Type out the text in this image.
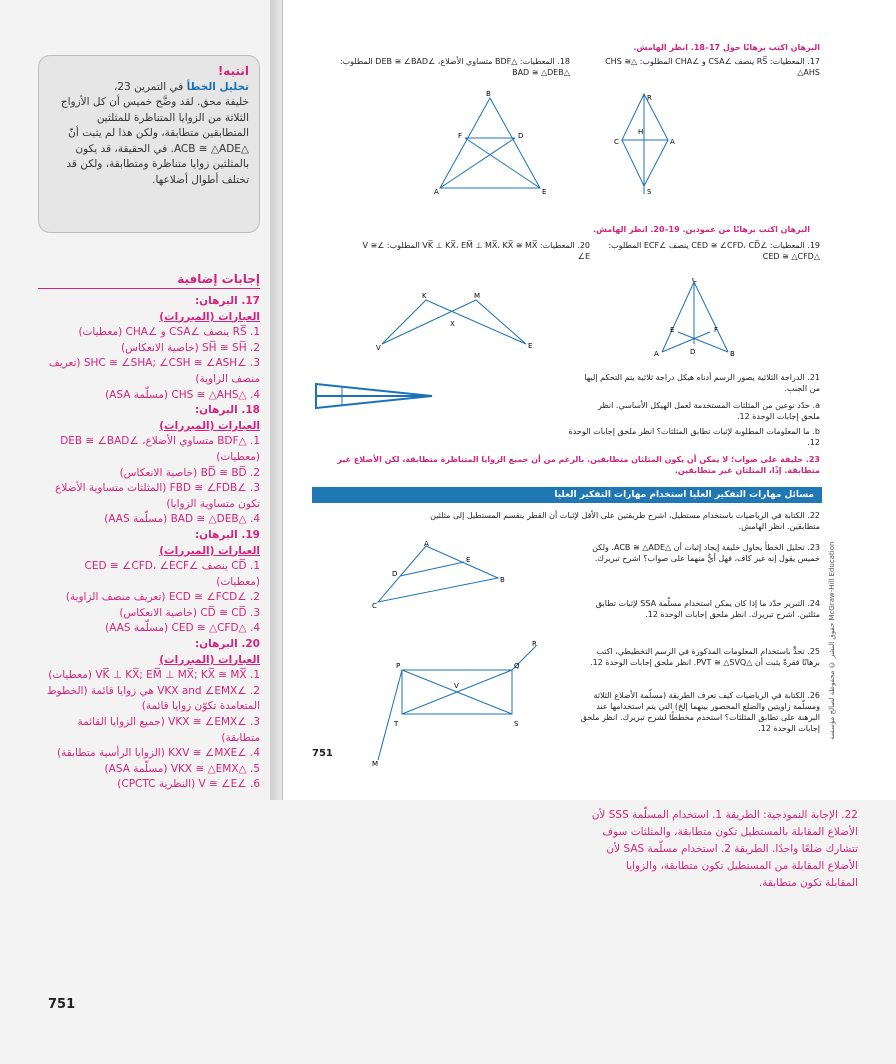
انتبه!
تحليل الخطأ في التمرين 23،
خليفة محق. لقد وضَّح خميس أن كل الأزواج الثلاثة من الزوايا المتناظرة للمثلثين المتطابقين متطابقة، ولكن هذا لم يثبت أنّ △ACB ≅ △ADE. في الحقيقة، قد يكون بالمثلثين زوايا متناظرة ومتطابقة، ولكن قد تختلف أطوال أضلاعها.
إجابات إضافية
17. البرهان:
العبارات (المبررات)
1. RS̅ ينصف ∠CSA و ∠CHA (معطيات)
2. SH̅ ≅ SH̅ (خاصية الانعكاس)
3. ∠SHC ≅ ∠SHA; ∠CSH ≅ ∠ASH (تعريف منصف الزاوية)
4. △CHS ≅ △AHS (مسلّمة ASA)
18. البرهان:
العبارات (المبررات)
1. △BDF متساوي الأضلاع، ∠DEB ≅ ∠BAD (معطيات)
2. BD̅ ≅ BD̅ (خاصية الانعكاس)
3. ∠FBD ≅ ∠FDB (المثلثات متساوية الأضلاع تكون متساوية الزوايا)
4. △BAD ≅ △DEB (مسلّمة AAS)
19. البرهان:
العبارات (المبررات)
1. CD̅ ينصف ∠CED ≅ ∠CFD، ∠ECF (معطيات)
2. ∠ECD ≅ ∠FCD (تعريف منصف الزاوية)
3. CD̅ ≅ CD̅ (خاصية الانعكاس)
4. △CED ≅ △CFD (مسلّمة AAS)
20. البرهان:
العبارات (المبررات)
1. VK̅ ⊥ KX̅; EM̅ ⊥ MX̅; KX̅ ≅ MX̅ (معطيات)
2. ∠VKX and ∠EMX هي زوايا قائمة (الخطوط المتعامدة تكوّن زوايا قائمة)
3. ∠VKX ≅ ∠EMX (جميع الزوايا القائمة متطابقة)
4. ∠KXV ≅ ∠MXE (الزوايا الرأسية متطابقة)
5. △VKX ≅ △EMX (مسلّمة ASA)
6. ∠V ≅ ∠E (النظرية CPCTC)
751
البرهان اكتب برهانًا حول 17–18. انظر الهامش.
17. المعطيات: RS̅ ينصف ∠CSA و ∠CHA المطلوب: △CHS ≅ △AHS
18. المعطيات: △BDF متساوي الأضلاع، ∠DEB ≅ ∠BAD المطلوب: △BAD ≅ △DEB
B
A	E
F	D
R
C	A
H
S
البرهان اكتب برهانًا من عمودين. 19–20. انظر الهامش.
19. المعطيات: ∠CED ≅ ∠CFD، CD̅ ينصف ∠ECF المطلوب: △CED ≅ △CFD
20. المعطيات: VK̅ ⊥ KX̅، EM̅ ⊥ MX̅، KX̅ ≅ MX̅ المطلوب: ∠V ≅ ∠E
V
K	M
E
X
C
A	B
D
E	F
21. الدراجة الثلاثية يصور الرسم أدناه هيكل دراجة ثلاثية يتم التحكم إليها من الجنب.
a. حدّد نوعين من المثلثات المستخدمة لعمل الهيكل الأساسي. انظر ملحق إجابات الوحدة 12.
b. ما المعلومات المطلوبة لإثبات تطابق المثلثات؟ انظر ملحق إجابات الوحدة 12.
23. خليفة على صواب؛ لا يمكن أن يكون المثلثان متطابقين. بالرغم من أن جميع الزوايا المتناظرة متطابقة، لكن الأضلاع غير متطابقة. إذًا، المثلثان غير متطابقين.
مسائل مهارات التفكير العليا استخدام مهارات التفكير العليا
22. الكتابة في الرياضيات باستخدام مستطيل، اشرح طريقتين على الأقل لإثبات أن القطر ينقسم المستطيل إلى مثلثين متطابقين. انظر الهامش.
A
C
B
D
E
23. تحليل الخطأ يحاول خليفة إيجاد إثبات أن △ACB ≅ △ADE، ولكن خميس يقول إنه غير كاف، فهل أيٌّ منهما على صواب؟ اشرح تبريرك.
24. التبرير حدّد ما إذا كان يمكن استخدام مسلّمة SSA لإثبات تطابق مثلثين. اشرح تبريرك. انظر ملحق إجابات الوحدة 12.
P	Q
T	S
V
M
R
25. تحدٍّ باستخدام المعلومات المذكورة في الرسم التخطيطي، اكتب برهانًا فقرةً يثبت أن △PVT ≅ △SVQ. انظر ملحق إجابات الوحدة 12.
26. الكتابة في الرياضيات كيف تعرف الطريقة (مسلّمة الأضلاع الثلاثة ومسلّمة زاويتين والضلع المحصور بينهما إلخ) التي يتم استخدامها عند البرهنة على تطابق المثلثات؟ استخدم مخططًا لشرح تبريرك. انظر ملحق إجابات الوحدة 12.
751
حقوق النشر © محفوظة لصالح مؤسسة McGraw-Hill Education
22. الإجابة النموذجية: الطريقة 1. استخدام المسلّمة SSS لأن الأضلاع المقابلة بالمستطيل تكون متطابقة، والمثلثات سوف تتشارك ضلعًا واحدًا. الطريقة 2. استخدام مسلّمة SAS لأن الأضلاع المقابلة من المستطيل تكون متطابقة، والزوايا المقابلة تكون متطابقة.
